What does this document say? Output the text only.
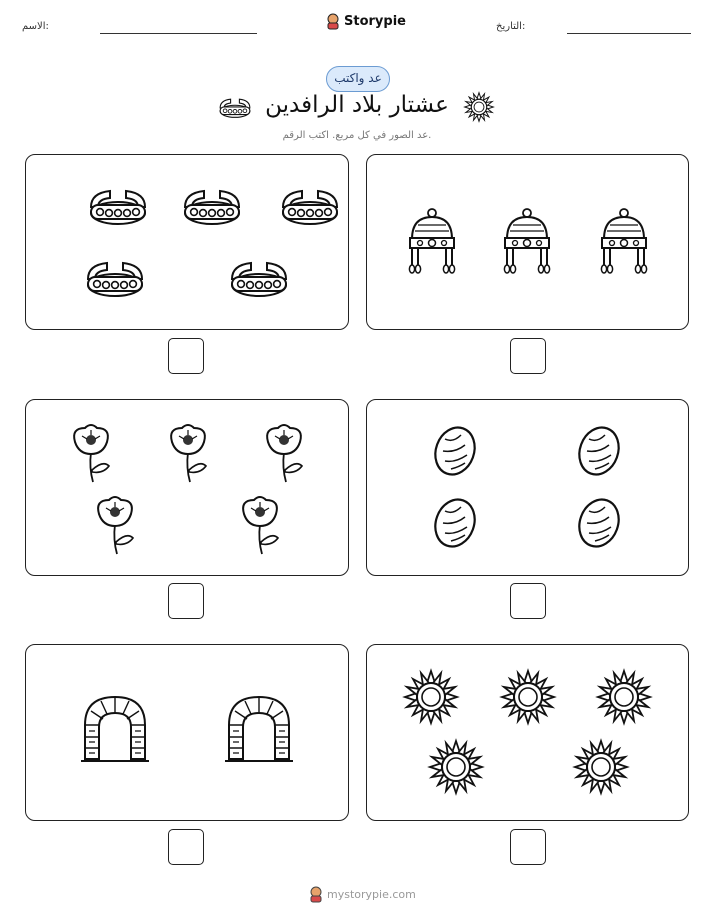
الاسم:	Storypie	التاريخ:
عد واكتب
عشتار بلاد الرافدين
عد الصور في كل مربع. اكتب الرقم.
mystorypie.com
